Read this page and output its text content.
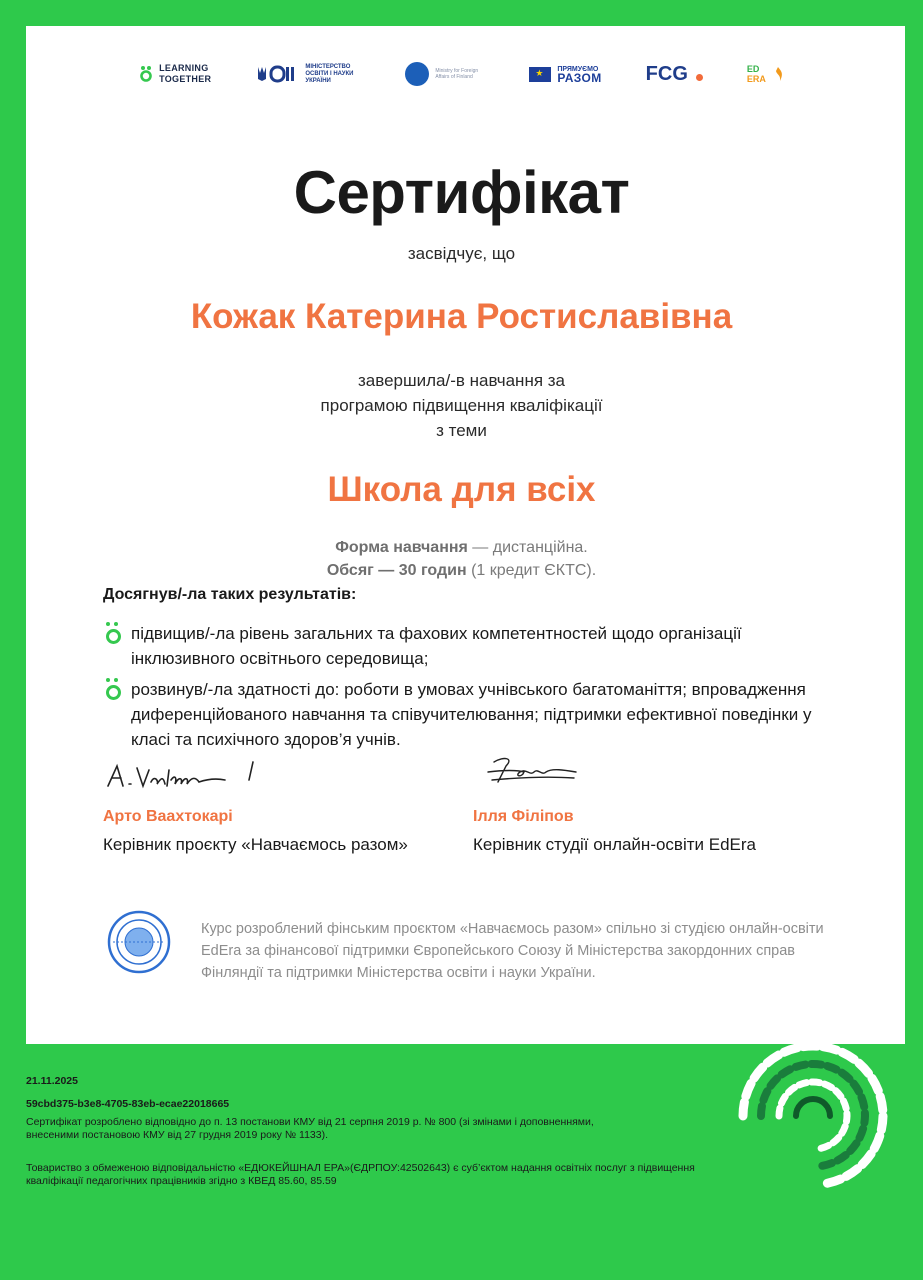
LEARNING
TOGETHER
МІНІСТЕРСТВО
ОСВІТИ І НАУКИ
УКРАЇНИ
Ministry for Foreign
Affairs of Finland
★
ПРЯМУЄМО
РАЗОМ FCG	ED
ERA
Сертифікат
засвідчує, що
Кожак Катерина Ростиславівна
завершила/-в навчання за
програмою підвищення кваліфікації
з теми
Школа для всіх
Форма навчання — дистанційна.
Обсяг — 30 годин (1 кредит ЄКТС).
Досягнув/-ла таких результатів:
підвищив/-ла рівень загальних та фахових компетентностей щодо організації інклюзивного освітнього середовища;
розвинув/-ла здатності до: роботи в умовах учнівського багатоманіття; впровадження диференційованого навчання та співучителювання; підтримки ефективної поведінки у класі та психічного здоров’я учнів.
Арто Ваахтокарі
Керівник проєкту «Навчаємось разом»
Ілля Філіпов
Керівник студії онлайн-освіти EdEra
Курс розроблений фінським проєктом «Навчаємось разом» спільно зі студією онлайн-освіти EdEra за фінансової підтримки Європейського Союзу й Міністерства закордонних справ Фінляндії та підтримки Міністерства освіти і науки України.
21.11.2025
59cbd375-b3e8-4705-83eb-ecae22018665
Сертифікат розроблено відповідно до п. 13 постанови КМУ від 21 серпня 2019 р. № 800 (зі змінами і доповненнями, внесеними постановою КМУ від 27 грудня 2019 року № 1133).
Товариство з обмеженою відповідальністю «ЕДЮКЕЙШНАЛ ЕРА»(ЄДРПОУ:42502643) є суб’єктом надання освітніх послуг з підвищення кваліфікації педагогічних працівників згідно з КВЕД 85.60, 85.59
